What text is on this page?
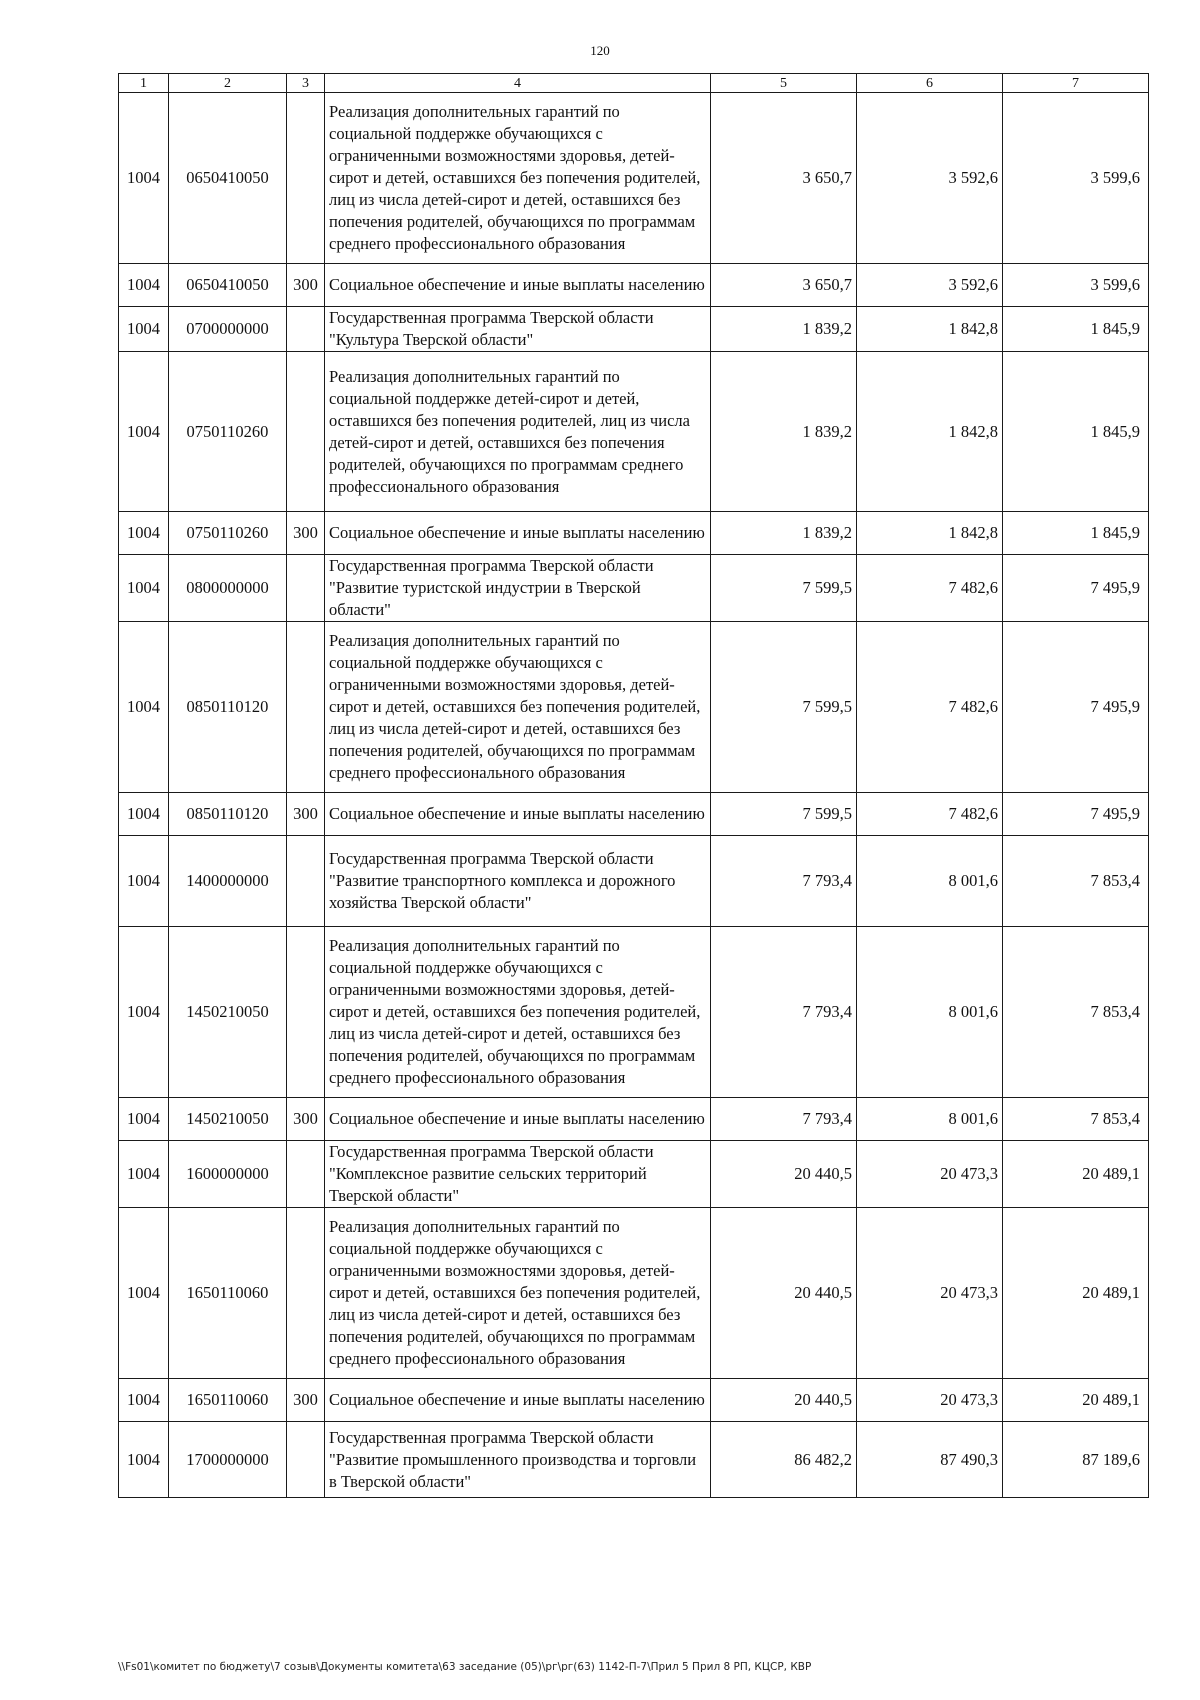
120
1	2	3	4	5	6	7
1004	0650410050		Реализация дополнительных гарантий по социальной поддержке обучающихся с ограниченными возможностями здоровья, детей-сирот и детей, оставшихся без попечения родителей, лиц из числа детей-сирот и детей, оставшихся без попечения родителей, обучающихся по программам среднего профессионального образования	3 650,7	3 592,6	3 599,6
1004	0650410050	300	Социальное обеспечение и иные выплаты населению	3 650,7	3 592,6	3 599,6
1004	0700000000		Государственная программа Тверской области "Культура Тверской области"	1 839,2	1 842,8	1 845,9
1004	0750110260		Реализация дополнительных гарантий по социальной поддержке детей-сирот и детей, оставшихся без попечения родителей, лиц из числа детей-сирот и детей, оставшихся без попечения родителей, обучающихся по программам среднего профессионального образования	1 839,2	1 842,8	1 845,9
1004	0750110260	300	Социальное обеспечение и иные выплаты населению	1 839,2	1 842,8	1 845,9
1004	0800000000		Государственная программа Тверской области "Развитие туристской индустрии в Тверской области"	7 599,5	7 482,6	7 495,9
1004	0850110120		Реализация дополнительных гарантий по социальной поддержке обучающихся с ограниченными возможностями здоровья, детей-сирот и детей, оставшихся без попечения родителей, лиц из числа детей-сирот и детей, оставшихся без попечения родителей, обучающихся по программам среднего профессионального образования	7 599,5	7 482,6	7 495,9
1004	0850110120	300	Социальное обеспечение и иные выплаты населению	7 599,5	7 482,6	7 495,9
1004	1400000000		Государственная программа Тверской области "Развитие транспортного комплекса и дорожного хозяйства Тверской области"	7 793,4	8 001,6	7 853,4
1004	1450210050		Реализация дополнительных гарантий по социальной поддержке обучающихся с ограниченными возможностями здоровья, детей-сирот и детей, оставшихся без попечения родителей, лиц из числа детей-сирот и детей, оставшихся без попечения родителей, обучающихся по программам среднего профессионального образования	7 793,4	8 001,6	7 853,4
1004	1450210050	300	Социальное обеспечение и иные выплаты населению	7 793,4	8 001,6	7 853,4
1004	1600000000		Государственная программа Тверской области "Комплексное развитие сельских территорий Тверской области"	20 440,5	20 473,3	20 489,1
1004	1650110060		Реализация дополнительных гарантий по социальной поддержке обучающихся с ограниченными возможностями здоровья, детей-сирот и детей, оставшихся без попечения родителей, лиц из числа детей-сирот и детей, оставшихся без попечения родителей, обучающихся по программам среднего профессионального образования	20 440,5	20 473,3	20 489,1
1004	1650110060	300	Социальное обеспечение и иные выплаты населению	20 440,5	20 473,3	20 489,1
1004	1700000000		Государственная программа Тверской области "Развитие промышленного производства и торговли в Тверской области"	86 482,2	87 490,3	87 189,6
\\Fs01\комитет по бюджету\7 созыв\Документы комитета\63 заседание (05)\рг\рг(63) 1142-П-7\Прил 5 Прил 8 РП, КЦСР, КВР
